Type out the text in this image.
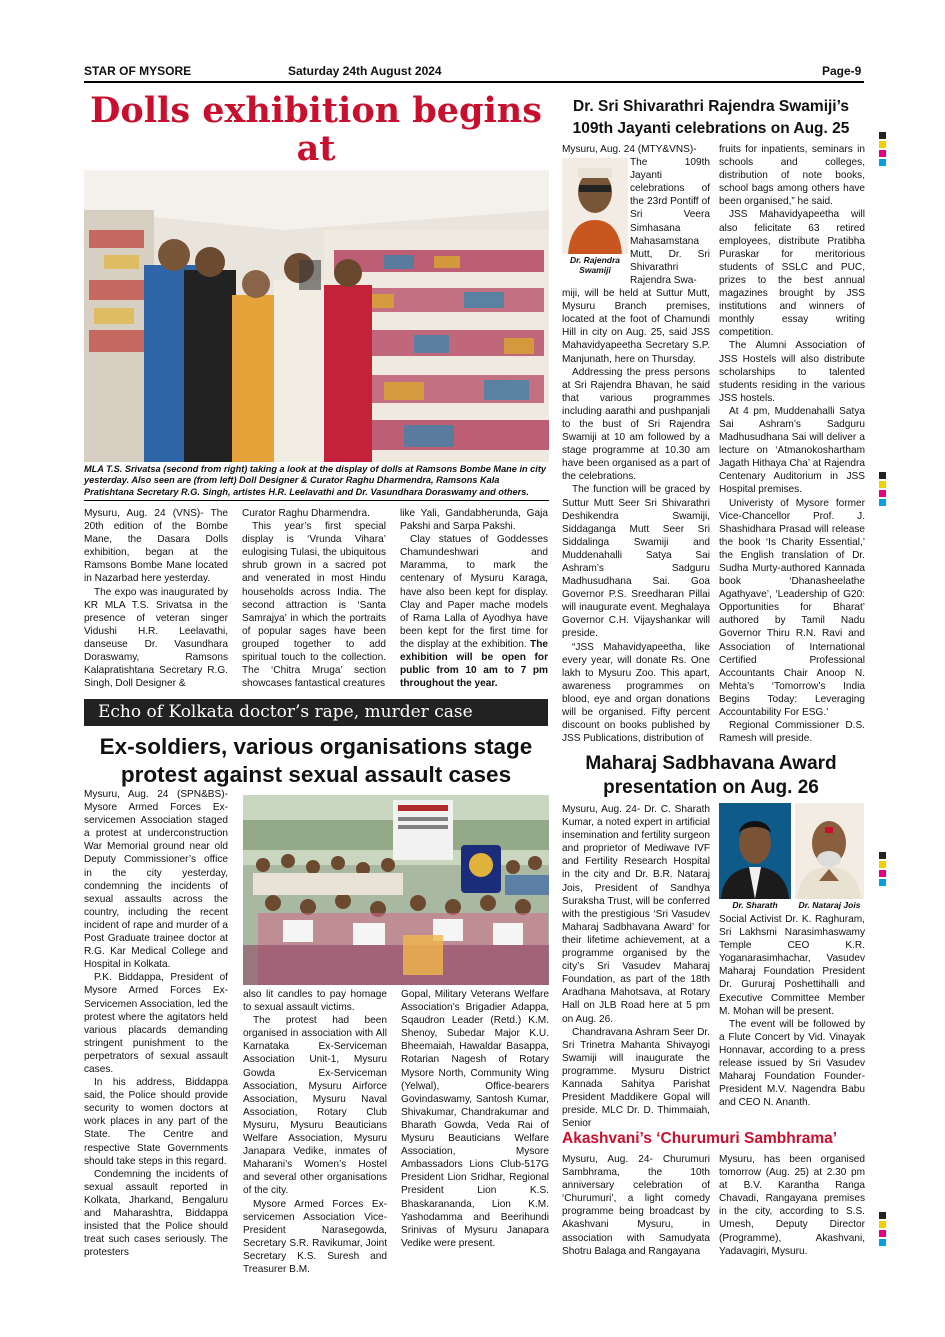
STAR OF MYSORE	Saturday 24th August 2024	Page-9
Dolls exhibition begins at
MLA T.S. Srivatsa (second from right) taking a look at the display of dolls at Ramsons Bombe Mane in city yesterday. Also seen are (from left) Doll Designer & Curator Raghu Dharmendra, Ramsons Kala Pratishtana Secretary R.G. Singh, artistes H.R. Leelavathi and Dr. Vasundhara Doraswamy and others.

Mysuru, Aug. 24 (VNS)- The 20th edition of the Bombe Mane, the Dasara Dolls exhibition, began at the Ramsons Bombe Mane located in Nazarbad here yesterday.

The expo was inaugurated by KR MLA T.S. Srivatsa in the presence of veteran singer Vidushi H.R. Leelavathi, danseuse Dr. Vasundhara Doraswamy, Ramsons Kalapratishtana Secretary R.G. Singh, Doll Designer &

Curator Raghu Dharmendra.

This year’s first special display is ‘Vrunda Vihara’ eulogising Tulasi, the ubiquitous shrub grown in a sacred pot and venerated in most Hindu households across India. The second attraction is ‘Santa Samrajya’ in which the portraits of popular sages have been grouped together to add spiritual touch to the collection. The ‘Chitra Mruga’ section showcases fantastical creatures

like Yali, Gandabherunda, Gaja Pakshi and Sarpa Pakshi.

Clay statues of Goddesses Chamundeshwari and Maramma, to mark the centenary of Mysuru Karaga, have also been kept for display. Clay and Paper mache models of Rama Lalla of Ayodhya have been kept for the first time for the display at the exhibition. The exhibition will be open for public from 10 am to 7 pm throughout the year.

Echo of Kolkata doctor’s rape, murder case
Ex-soldiers, various organisations stage
protest against sexual assault cases

Mysuru, Aug. 24 (SPN&BS)- Mysore Armed Forces Ex-servicemen Association staged a protest at underconstruction War Memorial ground near old Deputy Commissioner’s office in the city yesterday, condemning the incidents of sexual assaults across the country, including the recent incident of rape and murder of a Post Graduate trainee doctor at R.G. Kar Medical College and Hospital in Kolkata.

P.K. Biddappa, President of Mysore Armed Forces Ex-Servicemen Association, led the protest where the agitators held various placards demanding stringent punishment to the perpetrators of sexual assault cases.

In his address, Biddappa said, the Police should provide security to women doctors at work places in any part of the State. The Centre and respective State Governments should take steps in this regard.

Condemning the incidents of sexual assault reported in Kolkata, Jharkand, Bengaluru and Maharashtra, Biddappa insisted that the Police should treat such cases seriously. The protesters

also lit candles to pay homage to sexual assault victims.

The protest had been organised in association with All Karnataka Ex-Serviceman Association Unit-1, Mysuru Gowda Ex-Serviceman Association, Mysuru Airforce Association, Mysuru Naval Association, Rotary Club Mysuru, Mysuru Beauticians Welfare Association, Mysuru Janapara Vedike, inmates of Maharani’s Women’s Hostel and several other organisations of the city.

Mysore Armed Forces Ex-servicemen Association Vice-President Narasegowda, Secretary S.R. Ravikumar, Joint Secretary K.S. Suresh and Treasurer B.M.

Gopal, Military Veterans Welfare Association’s Brigadier Adappa, Sqaudron Leader (Retd.) K.M. Shenoy, Subedar Major K.U. Bheemaiah, Hawaldar Basappa, Rotarian Nagesh of Rotary Mysore North, Community Wing (Yelwal), Office-bearers Govindaswamy, Santosh Kumar, Shivakumar, Chandrakumar and Bharath Gowda, Veda Rai of Mysuru Beauticians Welfare Association, Mysore Ambassadors Lions Club-517G President Lion Sridhar, Regional President Lion K.S. Bhaskarananda, Lion K.M. Yashodamma and Beerihundi Srinivas of Mysuru Janapara Vedike were present.

Dr. Sri Shivarathri Rajendra Swamiji’s
109th Jayanti celebrations on Aug. 25
Dr. Rajendra
Swamiji

Mysuru, Aug. 24 (MTY&VNS)-

The 109th Jayanti celebrations of the 23rd Pontiff of Sri Veera Simhasana Mahasamstana Mutt, Dr. Sri Shivarathri Rajendra Swa-

miji, will be held at Suttur Mutt, Mysuru Branch premises, located at the foot of Chamundi Hill in city on Aug. 25, said JSS Mahavidyapeetha Secretary S.P. Manjunath, here on Thursday.

Addressing the press persons at Sri Rajendra Bhavan, he said that various programmes including aarathi and pushpanjali to the bust of Sri Rajendra Swamiji at 10 am followed by a stage programme at 10.30 am have been organised as a part of the celebrations.

The function will be graced by Suttur Mutt Seer Sri Shivarathri Deshikendra Swamiji, Siddaganga Mutt Seer Sri Siddalinga Swamiji and Muddenahalli Satya Sai Ashram’s Sadguru Madhusudhana Sai. Goa Governor P.S. Sreedharan Pillai will inaugurate event. Meghalaya Governor C.H. Vijayshankar will preside.

“JSS Mahavidyapeetha, like every year, will donate Rs. One lakh to Mysuru Zoo. This apart, awareness programmes on blood, eye and organ donations will be organised. Fifty percent discount on books published by JSS Publications, distribution of

fruits for inpatients, seminars in schools and colleges, distribution of note books, school bags among others have been organised,” he said.

JSS Mahavidyapeetha will also felicitate 63 retired employees, distribute Pratibha Puraskar for meritorious students of SSLC and PUC, prizes to the best annual magazines brought by JSS institutions and winners of monthly essay writing competition.

The Alumni Association of JSS Hostels will also distribute scholarships to talented students residing in the various JSS hostels.

At 4 pm, Muddenahalli Satya Sai Ashram’s Sadguru Madhusudhana Sai will deliver a lecture on ‘Atmanokoshartham Jagath Hithaya Cha’ at Rajendra Centenary Auditorium in JSS Hospital premises.

Univeristy of Mysore former Vice-Chancellor Prof. J. Shashidhara Prasad will release the book ‘Is Charity Essential,’ the English translation of Dr. Sudha Murty-authored Kannada book ‘Dhanasheelathe Agathyave’, ‘Leadership of G20: Opportunities for Bharat’ authored by Tamil Nadu Governor Thiru R.N. Ravi and Association of International Certified Professional Accountants Chair Anoop N. Mehta’s ‘Tomorrow’s India Begins Today: Leveraging Accountability For ESG.’

Regional Commissioner D.S. Ramesh will preside.

Maharaj Sadbhavana Award
presentation on Aug. 26

Mysuru, Aug. 24- Dr. C. Sharath Kumar, a noted expert in artificial insemination and fertility surgeon and proprietor of Mediwave IVF and Fertility Research Hospital in the city and Dr. B.R. Nataraj Jois, President of Sandhya Suraksha Trust, will be conferred with the prestigious ‘Sri Vasudev Maharaj Sadbhavana Award’ for their lifetime achievement, at a programme organised by the city’s Sri Vasudev Maharaj Foundation, as part of the 18th Aradhana Mahotsava, at Rotary Hall on JLB Road here at 5 pm on Aug. 26.

Chandravana Ashram Seer Dr. Sri Trinetra Mahanta Shivayogi Swamiji will inaugurate the programme. Mysuru District Kannada Sahitya Parishat President Maddikere Gopal will preside. MLC Dr. D. Thimmaiah, Senior

Dr. Sharath	Dr. Nataraj Jois

Social Activist Dr. K. Raghuram, Sri Lakhsmi Narasimhaswamy Temple CEO K.R. Yoganarasimhachar, Vasudev Maharaj Foundation President Dr. Gururaj Poshettihalli and Executive Committee Member M. Mohan will be present.

The event will be followed by a Flute Concert by Vid. Vinayak Honnavar, according to a press release issued by Sri Vasudev Maharaj Foundation Founder-President M.V. Nagendra Babu and CEO N. Ananth.

Akashvani’s ‘Churumuri Sambhrama’

Mysuru, Aug. 24- Churumuri Sambhrama, the 10th anniversary celebration of ‘Churumuri’, a light comedy programme being broadcast by Akashvani Mysuru, in association with Samudyata Shotru Balaga and Rangayana

Mysuru, has been organised tomorrow (Aug. 25) at 2.30 pm at B.V. Karantha Ranga Chavadi, Rangayana premises in the city, according to S.S. Umesh, Deputy Director (Programme), Akashvani, Yadavagiri, Mysuru.
